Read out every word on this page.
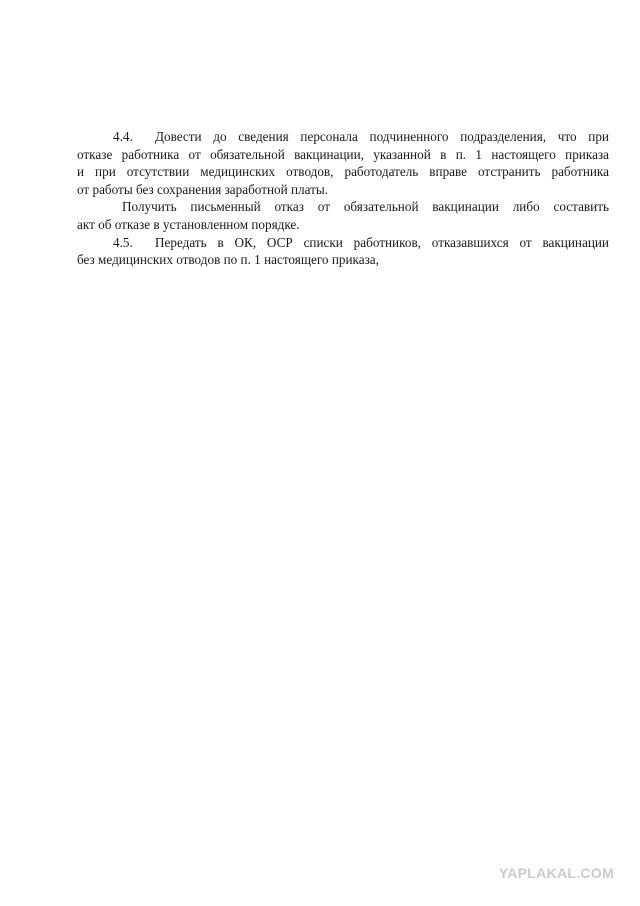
4.4. Довести до сведения персонала подчиненного подразделения, что при
отказе работника от обязательной вакцинации, указанной в п. 1 настоящего приказа
и при отсутствии медицинских отводов, работодатель вправе отстранить работника
от работы без сохранения заработной платы.

Получить письменный отказ от обязательной вакцинации либо составить
акт об отказе в установленном порядке.

4.5. Передать в ОК, ОСР списки работников, отказавшихся от вакцинации
без медицинских отводов по п. 1 настоящего приказа,

YAPLAKAL.COM
